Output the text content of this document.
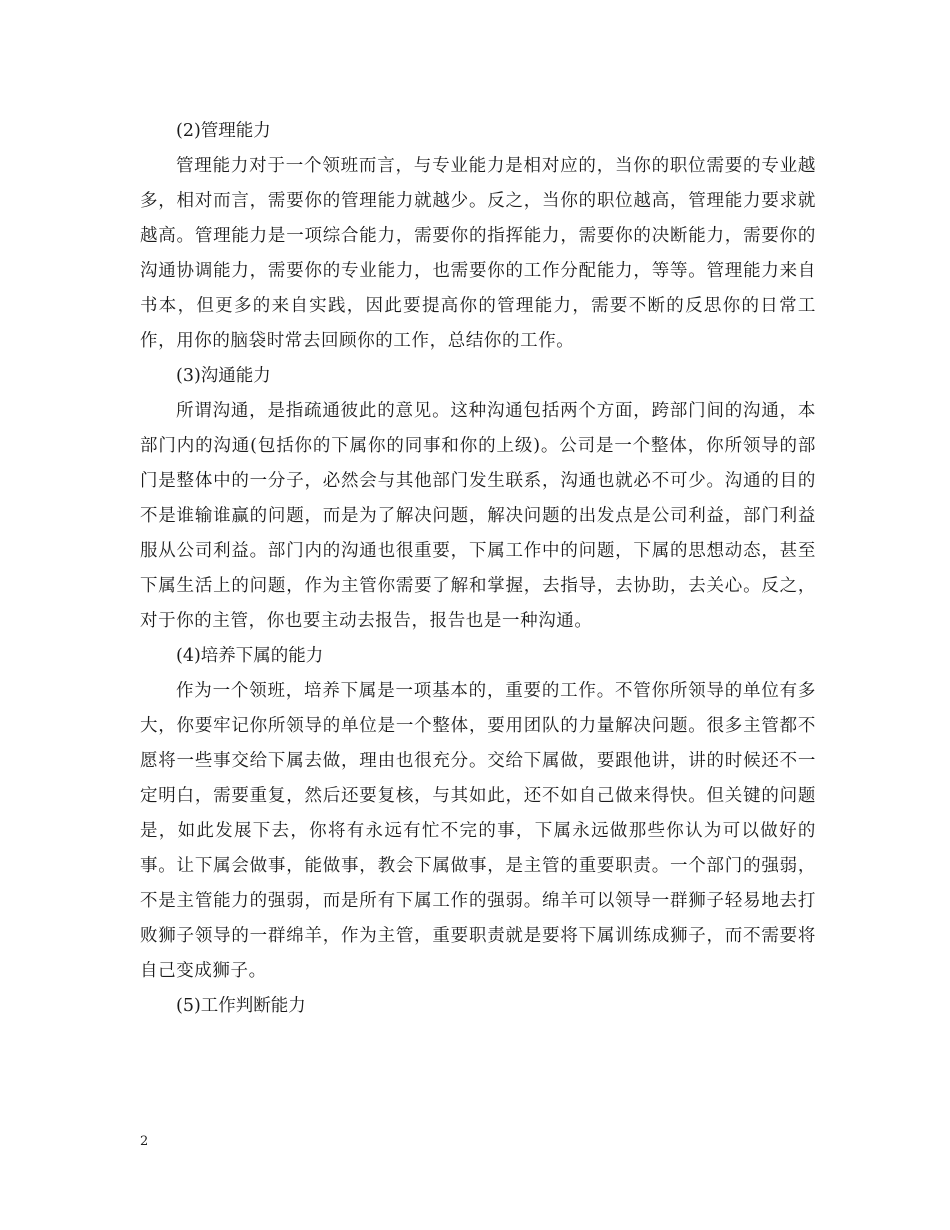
(2)管理能力

管理能力对于一个领班而言，与专业能力是相对应的，当你的职位需要的专业越多，相对而言，需要你的管理能力就越少。反之，当你的职位越高，管理能力要求就越高。管理能力是一项综合能力，需要你的指挥能力，需要你的决断能力，需要你的沟通协调能力，需要你的专业能力，也需要你的工作分配能力，等等。管理能力来自书本，但更多的来自实践，因此要提高你的管理能力，需要不断的反思你的日常工作，用你的脑袋时常去回顾你的工作，总结你的工作。

(3)沟通能力

所谓沟通，是指疏通彼此的意见。这种沟通包括两个方面，跨部门间的沟通，本部门内的沟通(包括你的下属你的同事和你的上级)。公司是一个整体，你所领导的部门是整体中的一分子，必然会与其他部门发生联系，沟通也就必不可少。沟通的目的不是谁输谁赢的问题，而是为了解决问题，解决问题的出发点是公司利益，部门利益服从公司利益。部门内的沟通也很重要，下属工作中的问题，下属的思想动态，甚至下属生活上的问题，作为主管你需要了解和掌握，去指导，去协助，去关心。反之，对于你的主管，你也要主动去报告，报告也是一种沟通。

(4)培养下属的能力

作为一个领班，培养下属是一项基本的，重要的工作。不管你所领导的单位有多大，你要牢记你所领导的单位是一个整体，要用团队的力量解决问题。很多主管都不愿将一些事交给下属去做，理由也很充分。交给下属做，要跟他讲，讲的时候还不一定明白，需要重复，然后还要复核，与其如此，还不如自己做来得快。但关键的问题是，如此发展下去，你将有永远有忙不完的事，下属永远做那些你认为可以做好的事。让下属会做事，能做事，教会下属做事，是主管的重要职责。一个部门的强弱，不是主管能力的强弱，而是所有下属工作的强弱。绵羊可以领导一群狮子轻易地去打败狮子领导的一群绵羊，作为主管，重要职责就是要将下属训练成狮子，而不需要将自己变成狮子。

(5)工作判断能力

2
